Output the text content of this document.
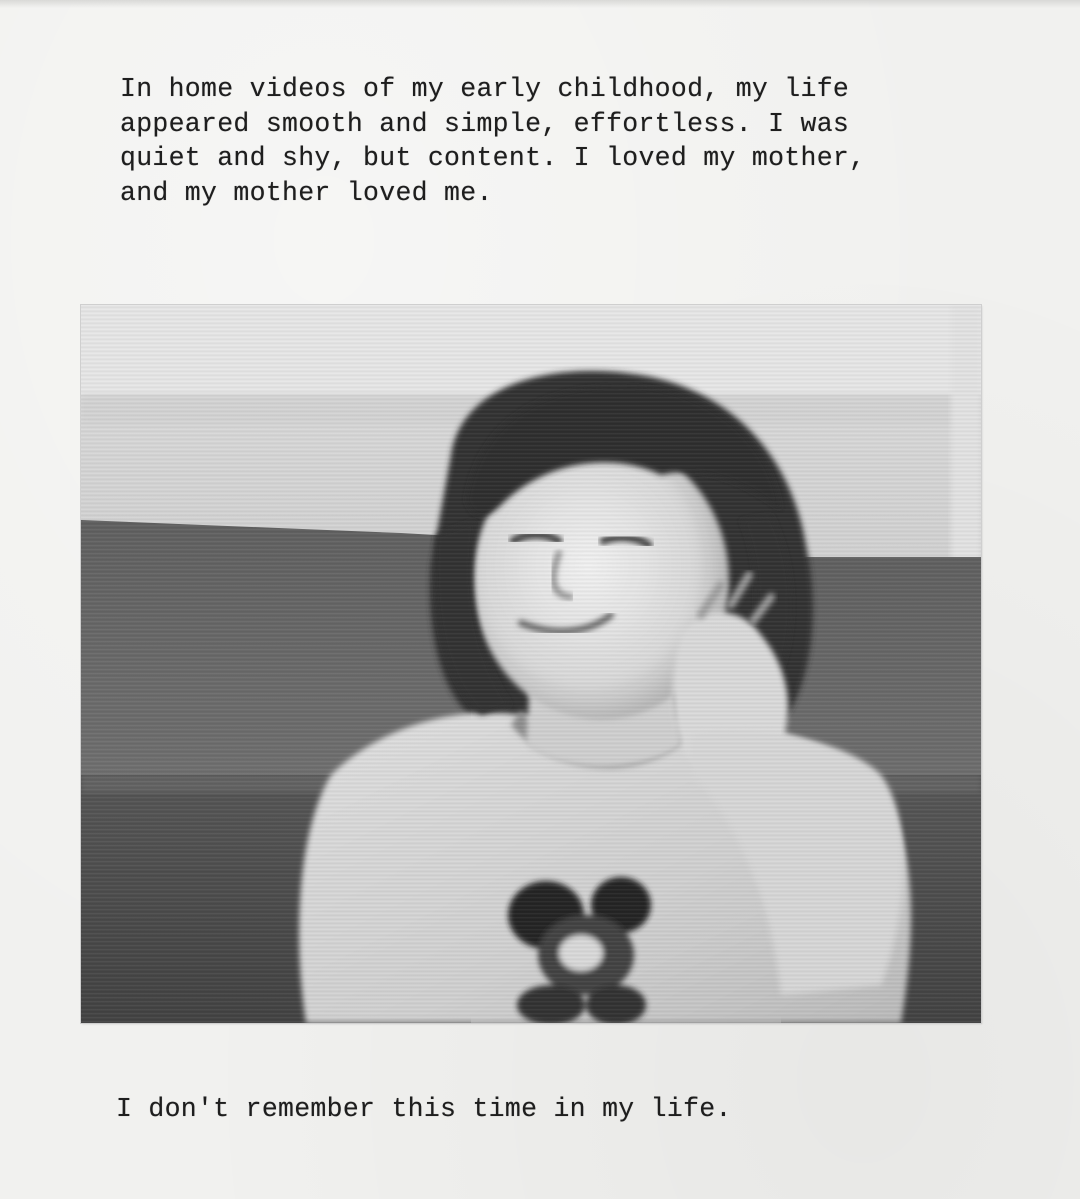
In home videos of my early childhood, my life
appeared smooth and simple, effortless. I was
quiet and shy, but content. I loved my mother,
and my mother loved me.
I don't remember this time in my life.
